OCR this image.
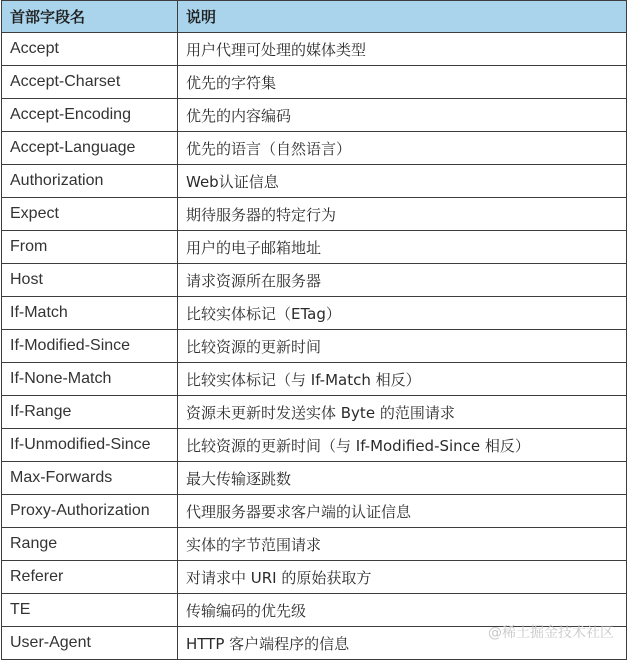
首部字段名	说明
Accept	用户代理可处理的媒体类型
Accept-Charset	优先的字符集
Accept-Encoding	优先的内容编码
Accept-Language	优先的语言（自然语言）
Authorization	Web认证信息
Expect	期待服务器的特定行为
From	用户的电子邮箱地址
Host	请求资源所在服务器
If-Match	比较实体标记（ETag）
If-Modified-Since	比较资源的更新时间
If-None-Match	比较实体标记（与 If-Match 相反）
If-Range	资源未更新时发送实体 Byte 的范围请求
If-Unmodified-Since	比较资源的更新时间（与 If-Modified-Since 相反）
Max-Forwards	最大传输逐跳数
Proxy-Authorization	代理服务器要求客户端的认证信息
Range	实体的字节范围请求
Referer	对请求中 URI 的原始获取方
TE	传输编码的优先级
User-Agent	HTTP 客户端程序的信息
@稀土掘金技术社区
